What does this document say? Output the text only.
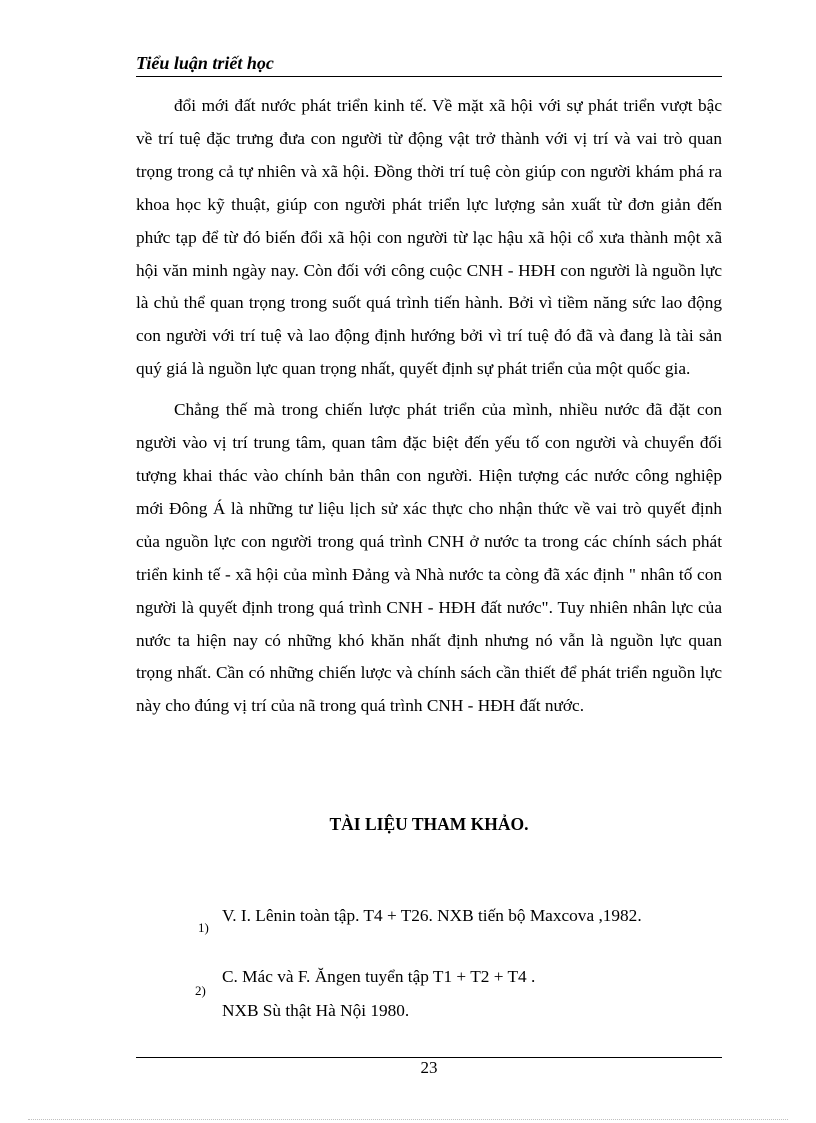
Tiểu luận triết học

đổi mới đất nước phát triển kinh tế. Về mặt xã hội với sự phát triển vượt bậc về trí tuệ đặc trưng đưa con người từ động vật trở thành với vị trí và vai trò quan trọng trong cả tự nhiên và xã hội. Đồng thời trí tuệ còn giúp con người khám phá ra khoa học kỹ thuật, giúp con người phát triển lực lượng sản xuất từ đơn giản đến phức tạp để từ đó biến đổi xã hội con người từ lạc hậu xã hội cổ xưa thành một xã hội văn minh ngày nay. Còn đối với công cuộc CNH - HĐH con người là nguồn lực là chủ thể quan trọng trong suốt quá trình tiến hành. Bởi vì tiềm năng sức lao động con người với trí tuệ và lao động định hướng bởi vì trí tuệ đó đã và đang là tài sản quý giá là nguồn lực quan trọng nhất, quyết định sự phát triển của một quốc gia.

Chẳng thế mà trong chiến lược phát triển của mình, nhiều nước đã đặt con người vào vị trí trung tâm, quan tâm đặc biệt đến yếu tố con người và chuyển đối tượng khai thác vào chính bản thân con người. Hiện tượng các nước công nghiệp mới Đông Á là những tư liệu lịch sử xác thực cho nhận thức về vai trò quyết định của nguồn lực con người trong quá trình CNH ở nước ta trong các chính sách phát triển kinh tế - xã hội của mình Đảng và Nhà nước ta còng đã xác định " nhân tố con người là quyết định trong quá trình CNH - HĐH đất nước". Tuy nhiên nhân lực của nước ta hiện nay có những khó khăn nhất định nhưng nó vẫn là nguồn lực quan trọng nhất. Cần có những chiến lược và chính sách cần thiết để phát triển nguồn lực này cho đúng vị trí của nã trong quá trình CNH - HĐH đất nước.

TÀI LIỆU THAM KHẢO.
1)
V. I. Lênin toàn tập. T4 + T26. NXB tiến bộ Maxcova ,1982.
2)
C. Mác và F. Ăngen tuyển tập T1 + T2 + T4 .
NXB Sù thật Hà Nội 1980.
23
